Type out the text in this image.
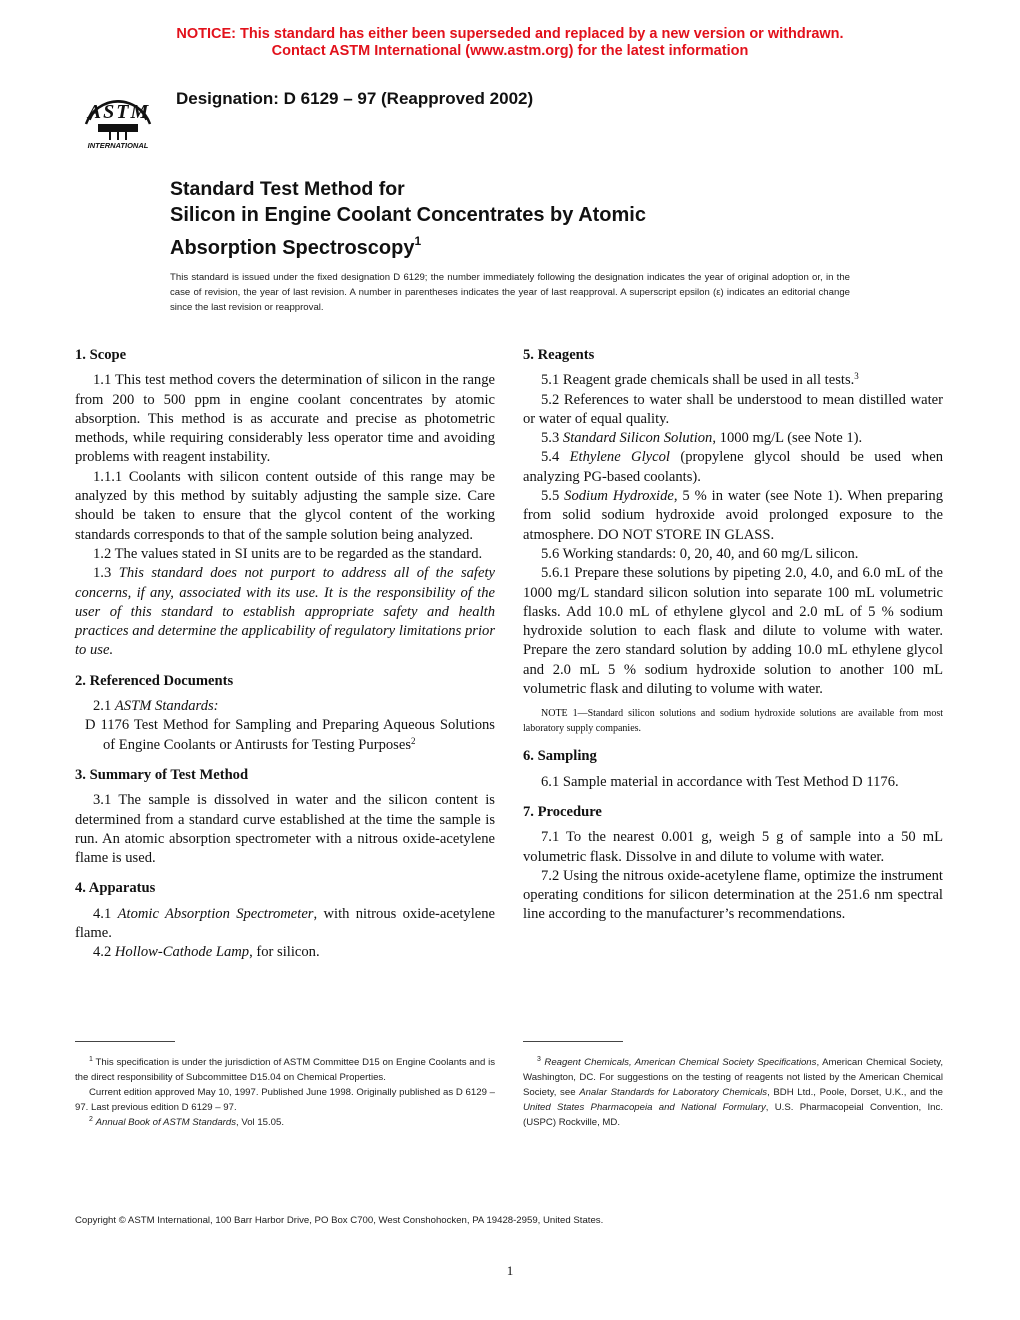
NOTICE: This standard has either been superseded and replaced by a new version or withdrawn.
Contact ASTM International (www.astm.org) for the latest information
A S T M
INTERNATIONAL
Designation: D 6129 – 97 (Reapproved 2002)
Standard Test Method for
Silicon in Engine Coolant Concentrates by Atomic
Absorption Spectroscopy$^1$
This standard is issued under the fixed designation D 6129; the number immediately following the designation indicates the year of original adoption or, in the case of revision, the year of last revision. A number in parentheses indicates the year of last reapproval. A superscript epsilon (ε) indicates an editorial change since the last revision or reapproval.
1. Scope

1.1 This test method covers the determination of silicon in the range from 200 to 500 ppm in engine coolant concentrates by atomic absorption. This method is as accurate and precise as photometric methods, while requiring considerably less operator time and avoiding problems with reagent instability.

1.1.1 Coolants with silicon content outside of this range may be analyzed by this method by suitably adjusting the sample size. Care should be taken to ensure that the glycol content of the working standards corresponds to that of the sample solution being analyzed.

1.2 The values stated in SI units are to be regarded as the standard.

1.3 This standard does not purport to address all of the safety concerns, if any, associated with its use. It is the responsibility of the user of this standard to establish appropriate safety and health practices and determine the applicability of regulatory limitations prior to use.

2. Referenced Documents

2.1 ASTM Standards:

D 1176 Test Method for Sampling and Preparing Aqueous Solutions of Engine Coolants or Antirusts for Testing Purposes$^2$

3. Summary of Test Method

3.1 The sample is dissolved in water and the silicon content is determined from a standard curve established at the time the sample is run. An atomic absorption spectrometer with a nitrous oxide-acetylene flame is used.

4. Apparatus

4.1 Atomic Absorption Spectrometer, with nitrous oxide-acetylene flame.

4.2 Hollow-Cathode Lamp, for silicon.

5. Reagents

5.1 Reagent grade chemicals shall be used in all tests.$^3$

5.2 References to water shall be understood to mean distilled water or water of equal quality.

5.3 Standard Silicon Solution, 1000 mg/L (see Note 1).

5.4 Ethylene Glycol (propylene glycol should be used when analyzing PG-based coolants).

5.5 Sodium Hydroxide, 5 % in water (see Note 1). When preparing from solid sodium hydroxide avoid prolonged exposure to the atmosphere. DO NOT STORE IN GLASS.

5.6 Working standards: 0, 20, 40, and 60 mg/L silicon.

5.6.1 Prepare these solutions by pipeting 2.0, 4.0, and 6.0 mL of the 1000 mg/L standard silicon solution into separate 100 mL volumetric flasks. Add 10.0 mL of ethylene glycol and 2.0 mL of 5 % sodium hydroxide solution to each flask and dilute to volume with water. Prepare the zero standard solution by adding 10.0 mL ethylene glycol and 2.0 mL 5 % sodium hydroxide solution to another 100 mL volumetric flask and diluting to volume with water.

NOTE 1—Standard silicon solutions and sodium hydroxide solutions are available from most laboratory supply companies.

6. Sampling

6.1 Sample material in accordance with Test Method D 1176.

7. Procedure

7.1 To the nearest 0.001 g, weigh 5 g of sample into a 50 mL volumetric flask. Dissolve in and dilute to volume with water.

7.2 Using the nitrous oxide-acetylene flame, optimize the instrument operating conditions for silicon determination at the 251.6 nm spectral line according to the manufacturer’s recommendations.

$^1$ This specification is under the jurisdiction of ASTM Committee D15 on Engine Coolants and is the direct responsibility of Subcommittee D15.04 on Chemical Properties.

Current edition approved May 10, 1997. Published June 1998. Originally published as D 6129 – 97. Last previous edition D 6129 – 97.

$^2$ Annual Book of ASTM Standards, Vol 15.05.

$^3$ Reagent Chemicals, American Chemical Society Specifications, American Chemical Society, Washington, DC. For suggestions on the testing of reagents not listed by the American Chemical Society, see Analar Standards for Laboratory Chemicals, BDH Ltd., Poole, Dorset, U.K., and the United States Pharmacopeia and National Formulary, U.S. Pharmacopeial Convention, Inc. (USPC) Rockville, MD.

Copyright © ASTM International, 100 Barr Harbor Drive, PO Box C700, West Conshohocken, PA 19428-2959, United States.
1
